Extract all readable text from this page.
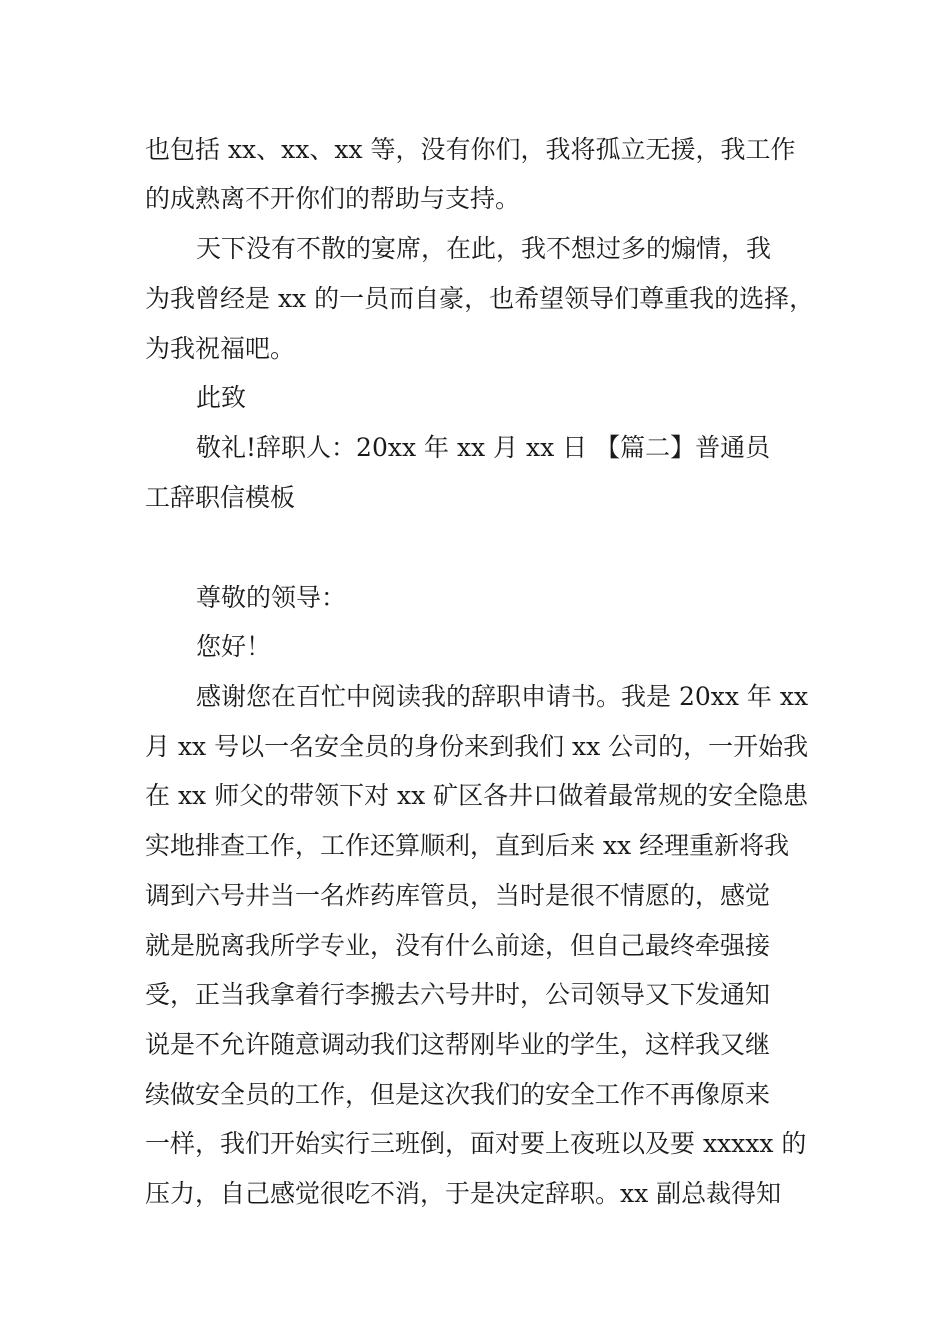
也包括 xx、xx、xx 等，没有你们，我将孤立无援，我工作

的成熟离不开你们的帮助与支持。

天下没有不散的宴席，在此，我不想过多的煽情，我

为我曾经是 xx 的一员而自豪，也希望领导们尊重我的选择，

为我祝福吧。

此致

敬礼!辞职人：20xx 年 xx 月 xx 日 【篇二】普通员

工辞职信模板

尊敬的领导：

您好！

感谢您在百忙中阅读我的辞职申请书。我是 20xx 年 xx

月 xx 号以一名安全员的身份来到我们 xx 公司的，一开始我

在 xx 师父的带领下对 xx 矿区各井口做着最常规的安全隐患

实地排查工作，工作还算顺利，直到后来 xx 经理重新将我

调到六号井当一名炸药库管员，当时是很不情愿的，感觉

就是脱离我所学专业，没有什么前途，但自己最终牵强接

受，正当我拿着行李搬去六号井时，公司领导又下发通知

说是不允许随意调动我们这帮刚毕业的学生，这样我又继

续做安全员的工作，但是这次我们的安全工作不再像原来

一样，我们开始实行三班倒，面对要上夜班以及要 xxxxx 的

压力，自己感觉很吃不消，于是决定辞职。xx 副总裁得知
